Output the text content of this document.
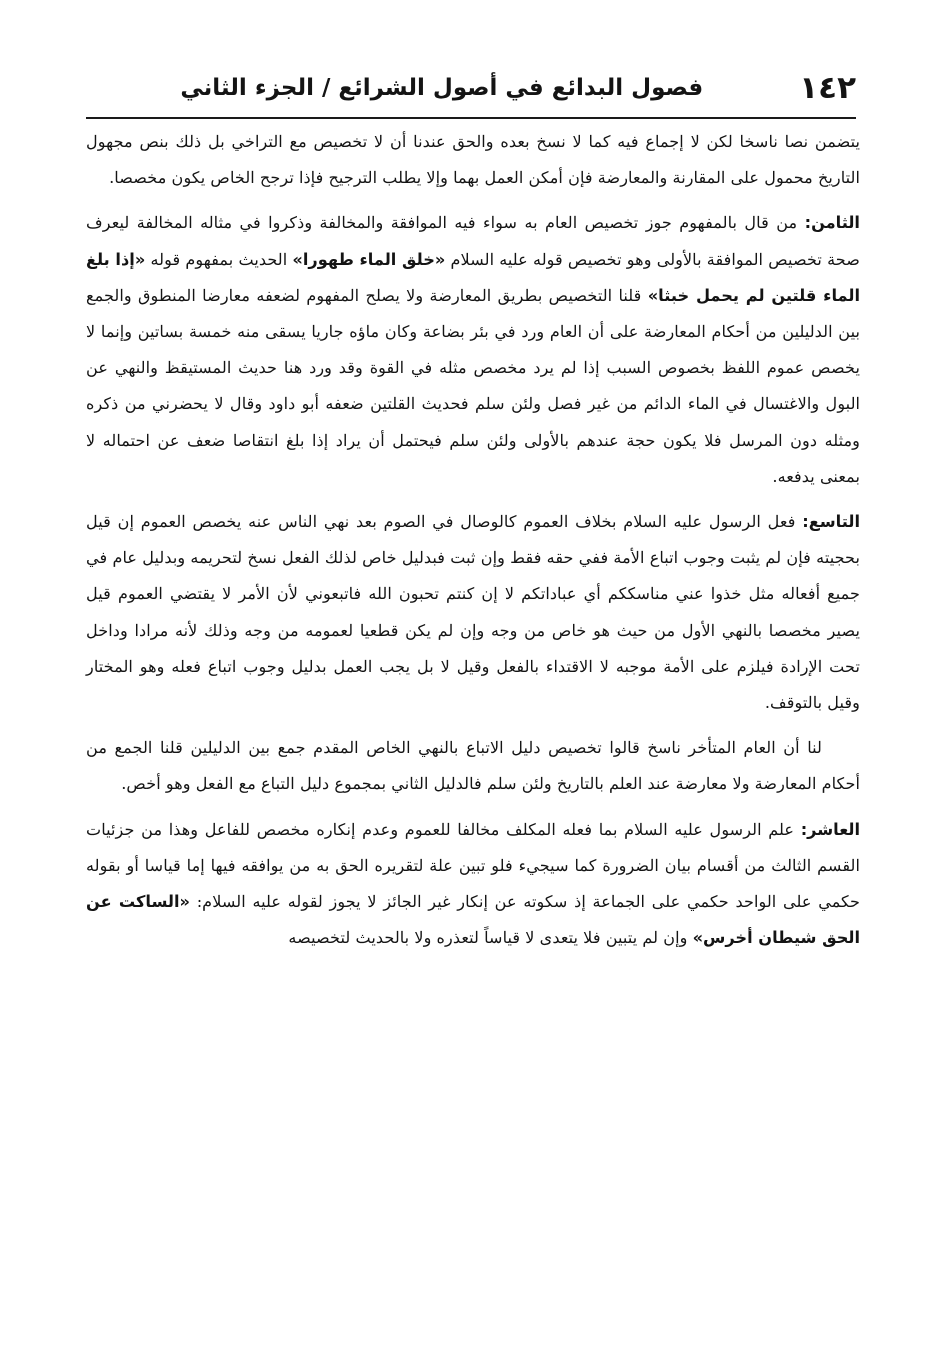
١٤٢
فصول البدائع في أصول الشرائع / الجزء الثاني

يتضمن نصا ناسخا لكن لا إجماع فيه كما لا نسخ بعده والحق عندنا أن لا تخصيص مع التراخي بل ذلك بنص مجهول التاريخ محمول على المقارنة والمعارضة فإن أمكن العمل بهما وإلا يطلب الترجيح فإذا ترجح الخاص يكون مخصصا.

الثامن: من قال بالمفهوم جوز تخصيص العام به سواء فيه الموافقة والمخالفة وذكروا في مثاله المخالفة ليعرف صحة تخصيص الموافقة بالأولى وهو تخصيص قوله عليه السلام «خلق الماء طهورا» الحديث بمفهوم قوله «إذا بلغ الماء قلتين لم يحمل خبثا» قلنا التخصيص بطريق المعارضة ولا يصلح المفهوم لضعفه معارضا المنطوق والجمع بين الدليلين من أحكام المعارضة على أن العام ورد في بئر بضاعة وكان ماؤه جاريا يسقى منه خمسة بساتين وإنما لا يخصص عموم اللفظ بخصوص السبب إذا لم يرد مخصص مثله في القوة وقد ورد هنا حديث المستيقظ والنهي عن البول والاغتسال في الماء الدائم من غير فصل ولئن سلم فحديث القلتين ضعفه أبو داود وقال لا يحضرني من ذكره ومثله دون المرسل فلا يكون حجة عندهم بالأولى ولئن سلم فيحتمل أن يراد إذا بلغ انتقاصا ضعف عن احتماله لا بمعنى يدفعه.

التاسع: فعل الرسول عليه السلام بخلاف العموم كالوصال في الصوم بعد نهي الناس عنه يخصص العموم إن قيل بحجيته فإن لم يثبت وجوب اتباع الأمة ففي حقه فقط وإن ثبت فبدليل خاص لذلك الفعل نسخ لتحريمه وبدليل عام في جميع أفعاله مثل خذوا عني مناسككم أي عباداتكم لا إن كنتم تحبون الله فاتبعوني لأن الأمر لا يقتضي العموم قيل يصير مخصصا بالنهي الأول من حيث هو خاص من وجه وإن لم يكن قطعيا لعمومه من وجه وذلك لأنه مرادا وداخل تحت الإرادة فيلزم على الأمة موجبه لا الاقتداء بالفعل وقيل لا بل يجب العمل بدليل وجوب اتباع فعله وهو المختار وقيل بالتوقف.

لنا أن العام المتأخر ناسخ قالوا تخصيص دليل الاتباع بالنهي الخاص المقدم جمع بين الدليلين قلنا الجمع من أحكام المعارضة ولا معارضة عند العلم بالتاريخ ولئن سلم فالدليل الثاني بمجموع دليل التباع مع الفعل وهو أخص.

العاشر: علم الرسول عليه السلام بما فعله المكلف مخالفا للعموم وعدم إنكاره مخصص للفاعل وهذا من جزئيات القسم الثالث من أقسام بيان الضرورة كما سيجيء فلو تبين علة لتقريره الحق به من يوافقه فيها إما قياسا أو بقوله حكمي على الواحد حكمي على الجماعة إذ سكوته عن إنكار غير الجائز لا يجوز لقوله عليه السلام: «الساكت عن الحق شيطان أخرس» وإن لم يتبين فلا يتعدى لا قياساً لتعذره ولا بالحديث لتخصيصه
